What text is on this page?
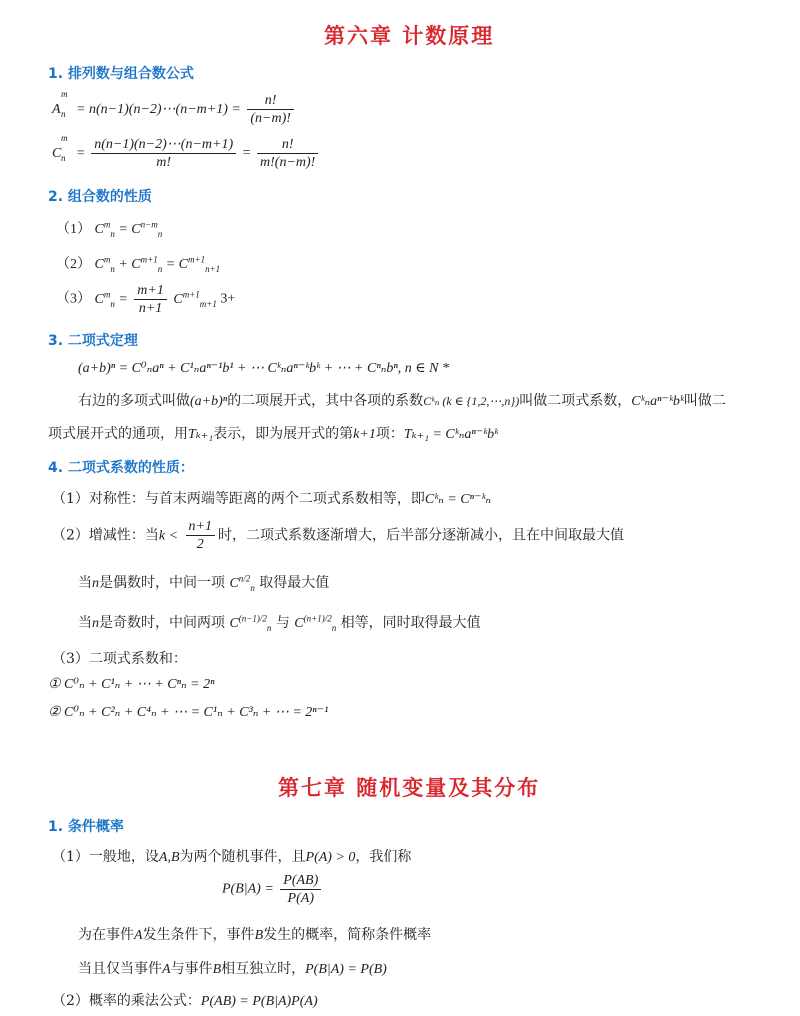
第六章 计数原理
1. 排列数与组合数公式
A
m
n = n(n−1)(n−2)⋯(n−m+1) = $\frac{n!}{(n-m)!}$
C
m
$n = \frac{n(n-1)(n-2)\cdots(n-m+1)}{m!} = \frac{n!}{m!(n-m)!}$
2. 组合数的性质
（1） $C^m_n = C^{n-m}_n$
（2） $C^m_n + C^{m+1}_n = C^{m+1}_{n+1}$
（3） $C^m_n = \frac{m+1}{n+1} C^{m+1}_{m+1}$ 3+
3. 二项式定理
(a+b)ⁿ = C⁰ₙaⁿ + C¹ₙaⁿ⁻¹b¹ + ⋯ Cᵏₙaⁿ⁻ᵏbᵏ + ⋯ + Cⁿₙbⁿ, n ∈ N *
右边的多项式叫做(a+b)ⁿ的二项展开式，其中各项的系数Cᵏₙ (k ∈ {1,2,⋯,n})叫做二项式系数，Cᵏₙaⁿ⁻ᵏbᵏ叫做二
项式展开式的通项，用Tₖ₊₁表示，即为展开式的第k+1项：Tₖ₊₁ = Cᵏₙaⁿ⁻ᵏbᵏ
4. 二项式系数的性质：
（1）对称性：与首末两端等距离的两个二项式系数相等，即Cᵏₙ = Cⁿ⁻ᵏₙ
（2）增减性：当$k < \frac{n+1}{2}$ 时，二项式系数逐渐增大，后半部分逐渐减小，且在中间取最大值
当n是偶数时，中间一项 $C^{n/2}_n$ 取得最大值
当n是奇数时，中间两项 $C^{(n-1)/2}_n$ 与 $C^{(n+1)/2}_n$ 相等，同时取得最大值
（3）二项式系数和：
① C⁰ₙ + C¹ₙ + ⋯ + Cⁿₙ = 2ⁿ
② C⁰ₙ + C²ₙ + C⁴ₙ + ⋯ = C¹ₙ + C³ₙ + ⋯ = 2ⁿ⁻¹
第七章 随机变量及其分布
1. 条件概率
（1）一般地，设A,B为两个随机事件，且P(A) > 0，我们称
$P(B|A) = \frac{P(AB)}{P(A)}$
为在事件A发生条件下，事件B发生的概率，简称条件概率
当且仅当事件A与事件B相互独立时，P(B|A) = P(B)
（2）概率的乘法公式：P(AB) = P(B|A)P(A)
